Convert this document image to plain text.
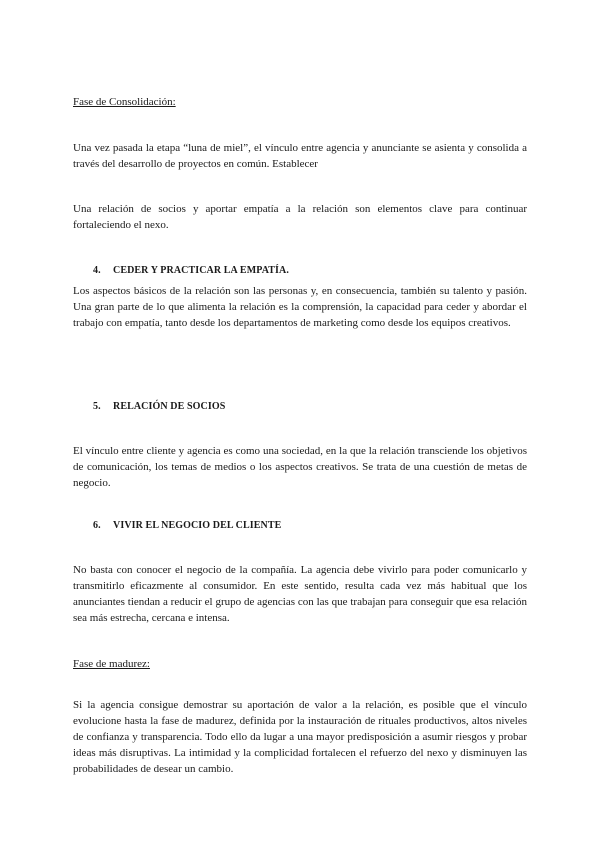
Fase de Consolidación:

Una vez pasada la etapa “luna de miel”, el vínculo entre agencia y anunciante se asienta y consolida a través del desarrollo de proyectos en común. Establecer

Una relación de socios y aportar empatía a la relación son elementos clave para continuar fortaleciendo el nexo.

4. CEDER Y PRACTICAR LA EMPATÍA.

Los aspectos básicos de la relación son las personas y, en consecuencia, también su talento y pasión. Una gran parte de lo que alimenta la relación es la comprensión, la capacidad para ceder y abordar el trabajo con empatía, tanto desde los departamentos de marketing como desde los equipos creativos.

5. RELACIÓN DE SOCIOS

El vínculo entre cliente y agencia es como una sociedad, en la que la relación transciende los objetivos de comunicación, los temas de medios o los aspectos creativos. Se trata de una cuestión de metas de negocio.

6. VIVIR EL NEGOCIO DEL CLIENTE

No basta con conocer el negocio de la compañía. La agencia debe vivirlo para poder comunicarlo y transmitirlo eficazmente al consumidor. En este sentido, resulta cada vez más habitual que los anunciantes tiendan a reducir el grupo de agencias con las que trabajan para conseguir que esa relación sea más estrecha, cercana e intensa.

Fase de madurez:

Si la agencia consigue demostrar su aportación de valor a la relación, es posible que el vínculo evolucione hasta la fase de madurez, definida por la instauración de rituales productivos, altos niveles de confianza y transparencia. Todo ello da lugar a una mayor predisposición a asumir riesgos y probar ideas más disruptivas. La intimidad y la complicidad fortalecen el refuerzo del nexo y disminuyen las probabilidades de desear un cambio.
